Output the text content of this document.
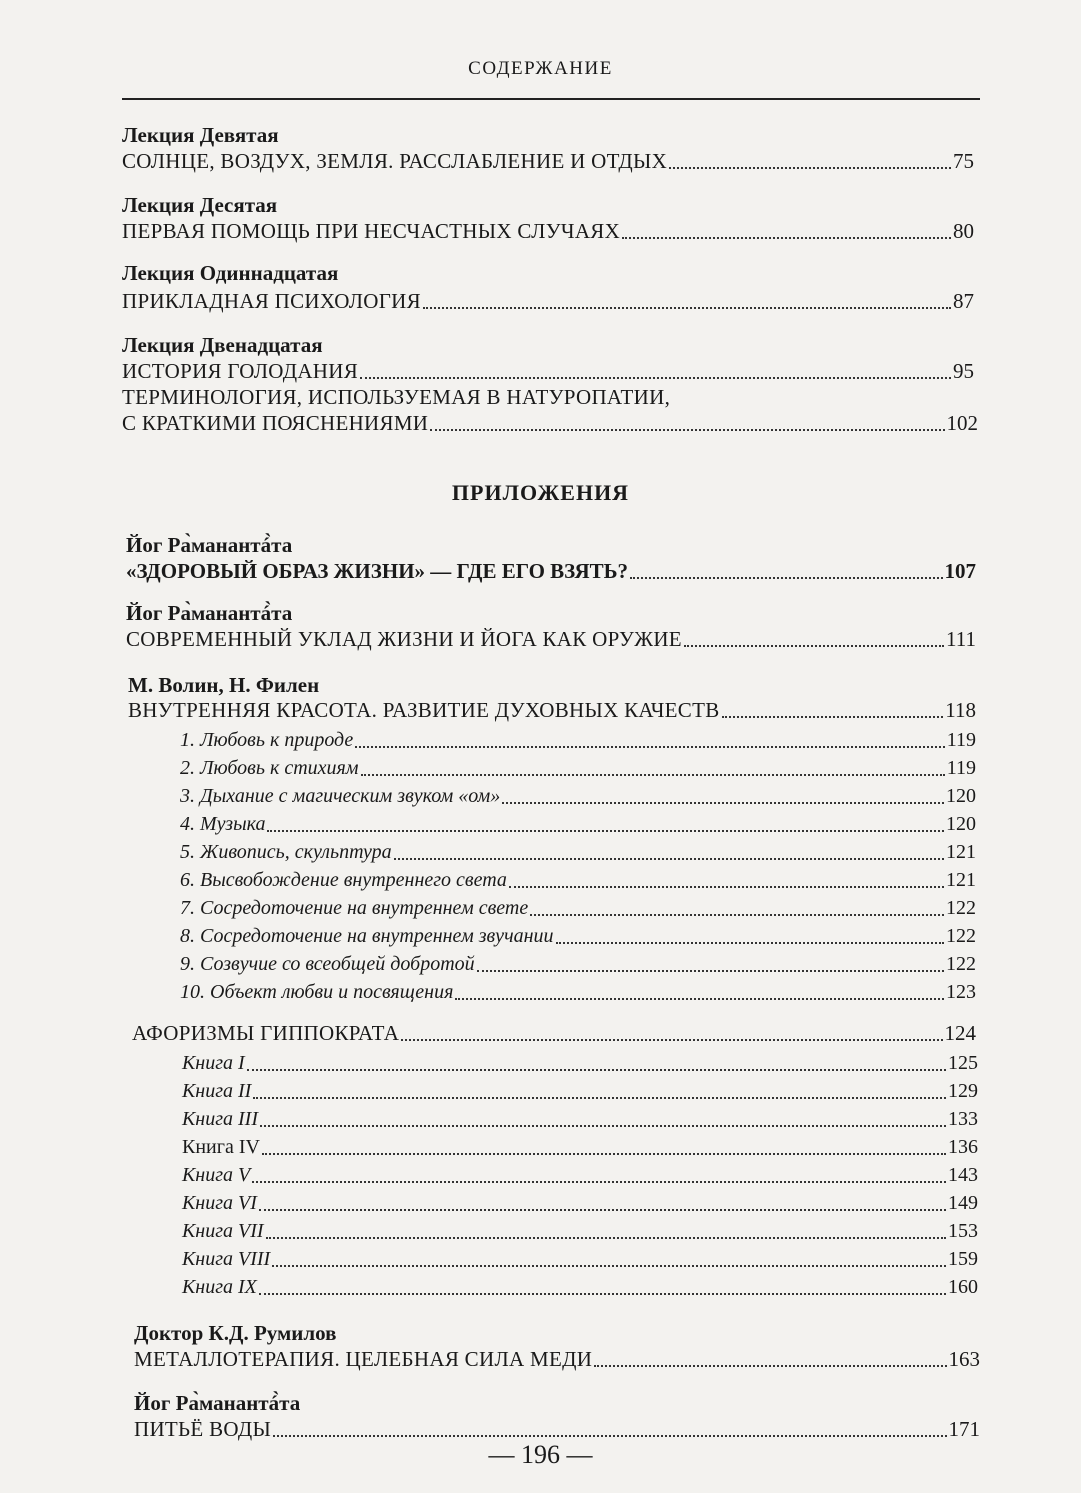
СОДЕРЖАНИЕ
Лекция Девятая
СОЛНЦЕ, ВОЗДУХ, ЗЕМЛЯ. РАССЛАБЛЕНИЕ И ОТДЫХ	75
Лекция Десятая
ПЕРВАЯ ПОМОЩЬ ПРИ НЕСЧАСТНЫХ СЛУЧАЯХ	80
Лекция Одиннадцатая
ПРИКЛАДНАЯ ПСИХОЛОГИЯ	87
Лекция Двенадцатая
ИСТОРИЯ ГОЛОДАНИЯ	95
ТЕРМИНОЛОГИЯ, ИСПОЛЬЗУЕМАЯ В НАТУРОПАТИИ,
С КРАТКИМИ ПОЯСНЕНИЯМИ	102
ПРИЛОЖЕНИЯ
Йог Ра̀манантá̀та
«ЗДОРОВЫЙ ОБРАЗ ЖИЗНИ» — ГДЕ ЕГО ВЗЯТЬ?	107
Йог Ра̀манантá̀та
СОВРЕМЕННЫЙ УКЛАД ЖИЗНИ И ЙОГА КАК ОРУЖИЕ	111
М. Волин, Н. Филен
ВНУТРЕННЯЯ КРАСОТА. РАЗВИТИЕ ДУХОВНЫХ КАЧЕСТВ	118
1. Любовь к природе	119
2. Любовь к стихиям	119
3. Дыхание с магическим звуком «ом»	120
4. Музыка	120
5. Живопись, скульптура	121
6. Высвобождение внутреннего света	121
7. Сосредоточение на внутреннем свете	122
8. Сосредоточение на внутреннем звучании	122
9. Созвучие со всеобщей добротой	122
10. Объект любви и посвящения	123
АФОРИЗМЫ ГИППОКРАТА	124
Книга I	125
Книга II	129
Книга III	133
Книга IV	136
Книга V	143
Книга VI	149
Книга VII	153
Книга VIII	159
Книга IX	160
Доктор К.Д. Румилов
МЕТАЛЛОТЕРАПИЯ. ЦЕЛЕБНАЯ СИЛА МЕДИ	163
Йог Ра̀манантá̀та
ПИТЬЁ ВОДЫ	171
— 196 —
